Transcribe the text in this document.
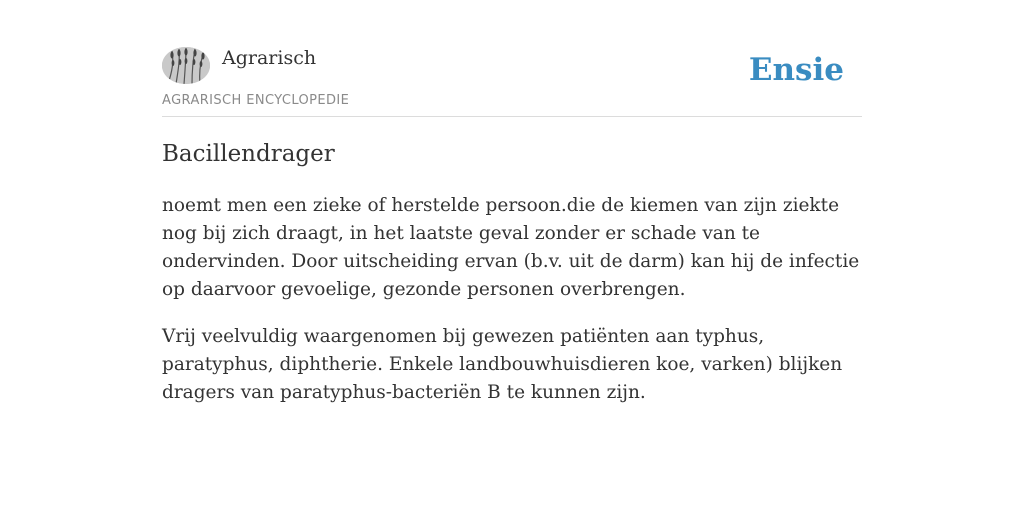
Agrarisch
AGRARISCH ENCYCLOPEDIE
Ensie
Bacillendrager

noemt men een zieke of herstelde persoon.die de kiemen van zijn ziekte nog bij zich draagt, in het laatste geval zonder er schade van te ondervinden. Door uitscheiding ervan (b.v. uit de darm) kan hij de infectie op daarvoor gevoelige, gezonde personen overbrengen.

Vrij veelvuldig waargenomen bij gewezen patiënten aan typhus, paratyphus, diphtherie. Enkele landbouwhuisdieren koe, varken) blijken dragers van paratyphus-bacteriën B te kunnen zijn.
